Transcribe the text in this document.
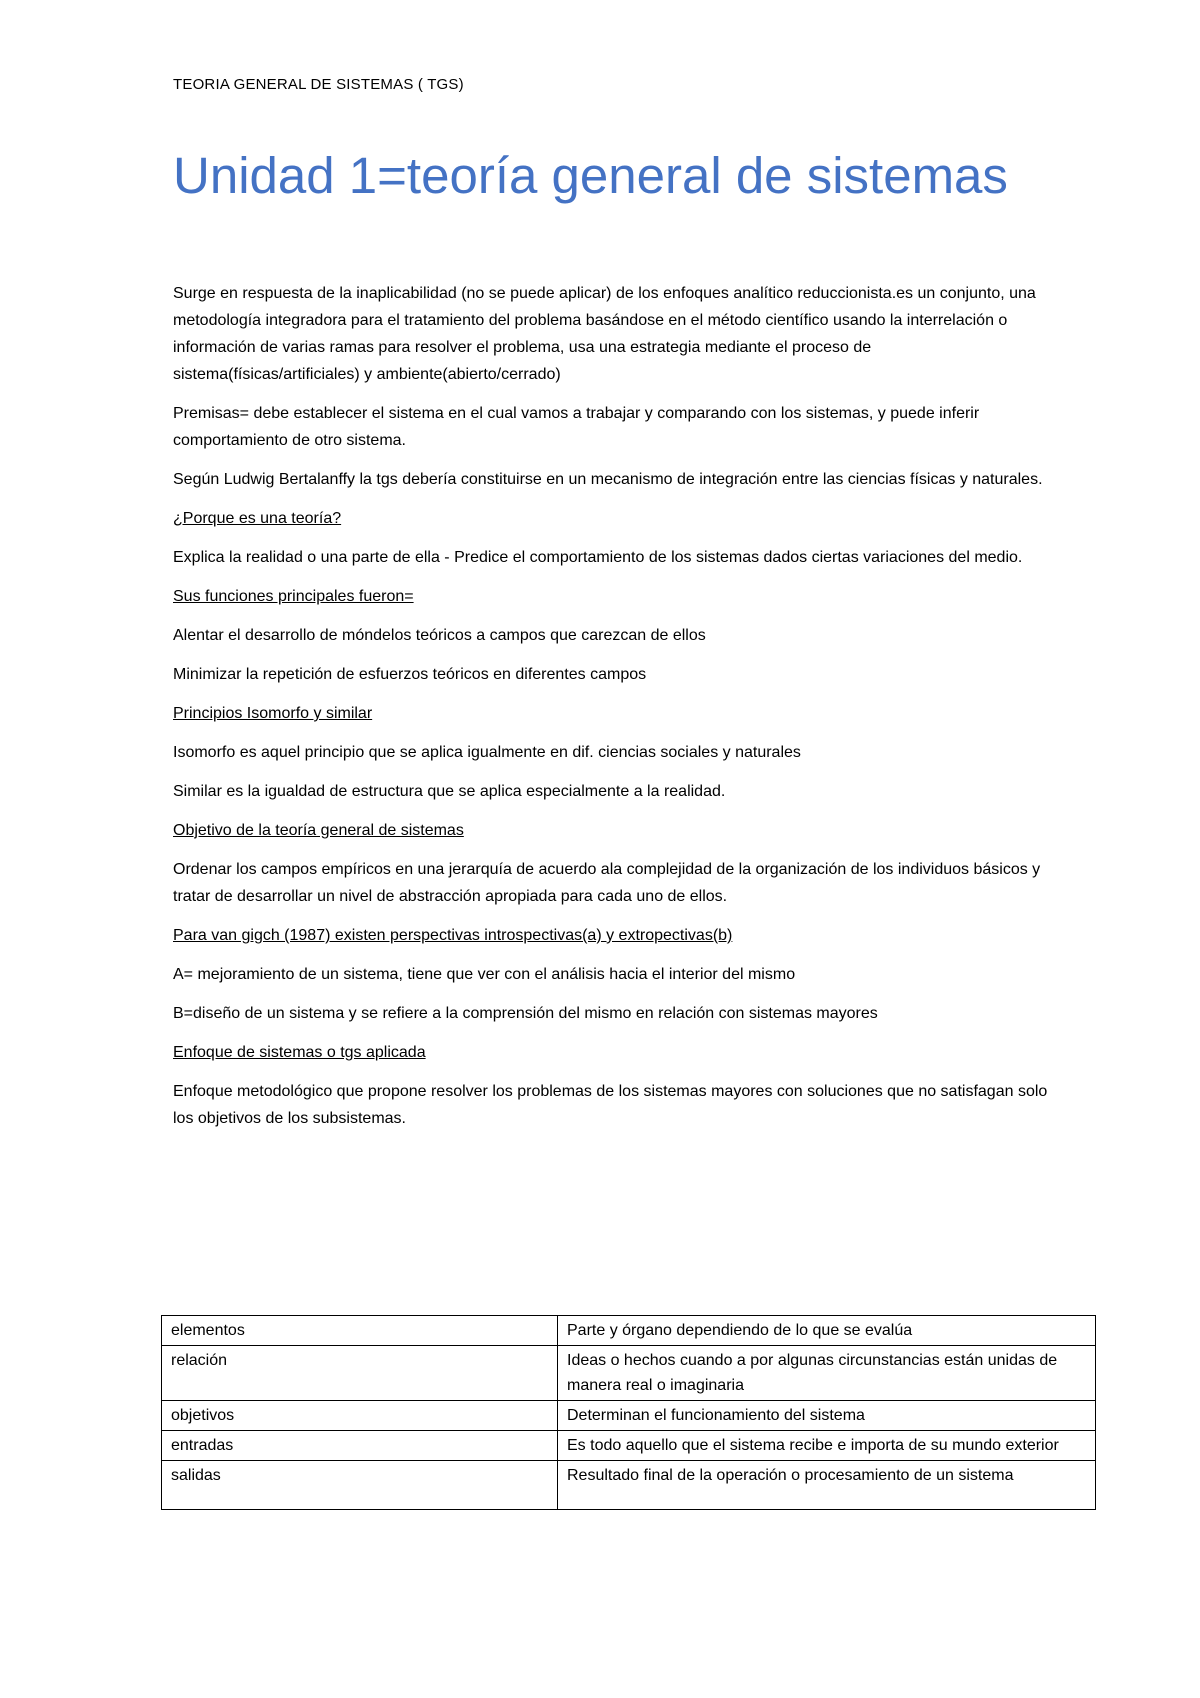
TEORIA GENERAL DE SISTEMAS ( TGS)
Unidad 1=teoría general de sistemas

Surge en respuesta de la inaplicabilidad (no se puede aplicar) de los enfoques analítico reduccionista.es un conjunto, una metodología integradora para el tratamiento del problema basándose en el método científico usando la interrelación o información de varias ramas para resolver el problema, usa una estrategia mediante el proceso de sistema(físicas/artificiales) y ambiente(abierto/cerrado)

Premisas= debe establecer el sistema en el cual vamos a trabajar y comparando con los sistemas, y puede inferir comportamiento de otro sistema.

Según Ludwig Bertalanffy la tgs debería constituirse en un mecanismo de integración entre las ciencias físicas y naturales.

¿Porque es una teoría?

Explica la realidad o una parte de ella - Predice el comportamiento de los sistemas dados ciertas variaciones del medio.

Sus funciones principales fueron=

Alentar el desarrollo de móndelos teóricos a campos que carezcan de ellos

Minimizar la repetición de esfuerzos teóricos en diferentes campos

Principios Isomorfo y similar

Isomorfo es aquel principio que se aplica igualmente en dif. ciencias sociales y naturales

Similar es la igualdad de estructura que se aplica especialmente a la realidad.

Objetivo de la teoría general de sistemas

Ordenar los campos empíricos en una jerarquía de acuerdo ala complejidad de la organización de los individuos básicos y tratar de desarrollar un nivel de abstracción apropiada para cada uno de ellos.

Para van gigch (1987) existen perspectivas introspectivas(a) y extropectivas(b)

A= mejoramiento de un sistema, tiene que ver con el análisis hacia el interior del mismo

B=diseño de un sistema y se refiere a la comprensión del mismo en relación con sistemas mayores

Enfoque de sistemas o tgs aplicada

Enfoque metodológico que propone resolver los problemas de los sistemas mayores con soluciones que no satisfagan solo los objetivos de los subsistemas.

elementos	Parte y órgano dependiendo de lo que se evalúa
relación	Ideas o hechos cuando a por algunas circunstancias están unidas de manera real o imaginaria
objetivos	Determinan el funcionamiento del sistema
entradas	Es todo aquello que el sistema recibe e importa de su mundo exterior
salidas	Resultado final de la operación o procesamiento de un sistema
